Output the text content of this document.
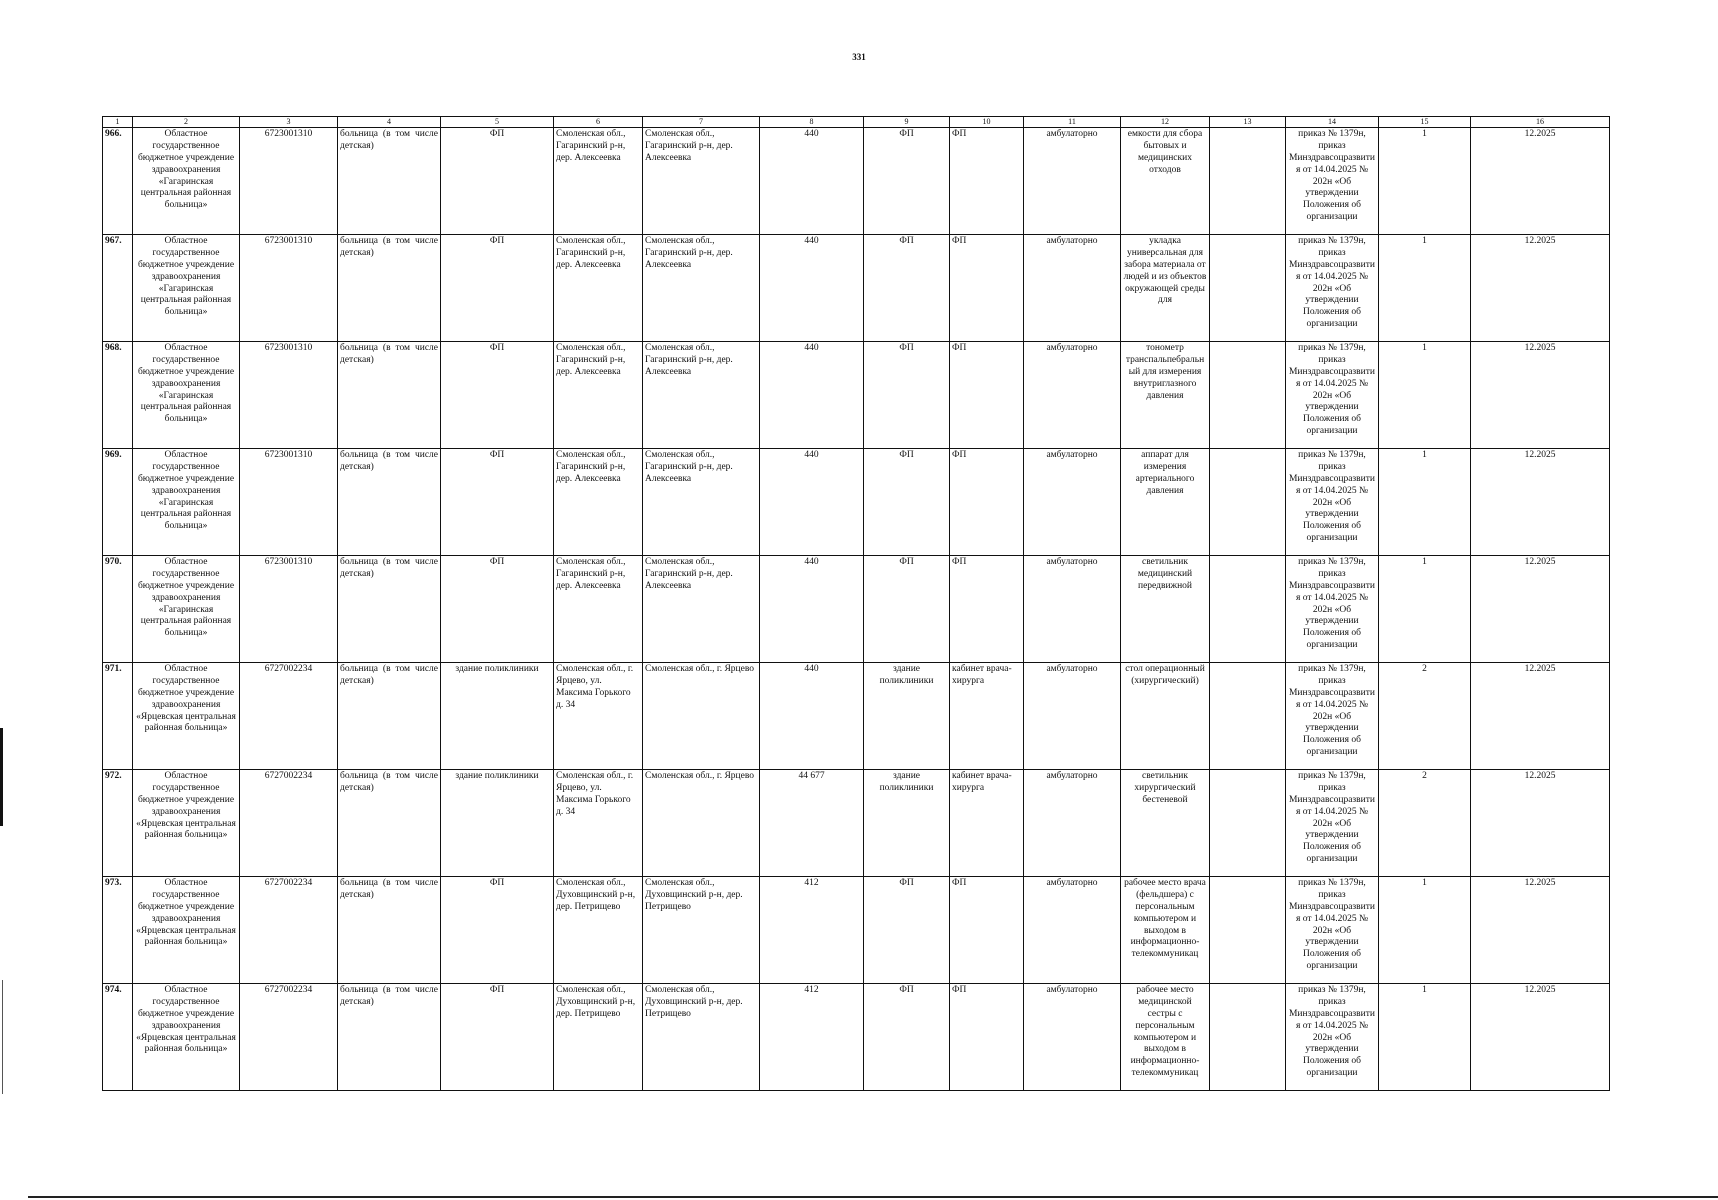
331
1	2	3	4	5	6	7	8	9	10	11	12	13	14	15	16
966.	Областное государственное бюджетное учреждение здравоохранения «Гагаринская центральная районная больница»	6723001310	больница (в том числе детская)	ФП	Смоленская обл., Гагаринский р-н, дер. Алексеевка	Смоленская обл., Гагаринский р-н, дер. Алексеевка	440	ФП	ФП	амбулаторно	емкости для сбора бытовых и медицинских отходов		приказ № 1379н, приказ Минздравсоцразвития от 14.04.2025 № 202н «Об утверждении Положения об организации	1	12.2025
967.	Областное государственное бюджетное учреждение здравоохранения «Гагаринская центральная районная больница»	6723001310	больница (в том числе детская)	ФП	Смоленская обл., Гагаринский р-н, дер. Алексеевка	Смоленская обл., Гагаринский р-н, дер. Алексеевка	440	ФП	ФП	амбулаторно	укладка универсальная для забора материала от людей и из объектов окружающей среды для		приказ № 1379н, приказ Минздравсоцразвития от 14.04.2025 № 202н «Об утверждении Положения об организации	1	12.2025
968.	Областное государственное бюджетное учреждение здравоохранения «Гагаринская центральная районная больница»	6723001310	больница (в том числе детская)	ФП	Смоленская обл., Гагаринский р-н, дер. Алексеевка	Смоленская обл., Гагаринский р-н, дер. Алексеевка	440	ФП	ФП	амбулаторно	тонометр транспальпебральный для измерения внутриглазного давления		приказ № 1379н, приказ Минздравсоцразвития от 14.04.2025 № 202н «Об утверждении Положения об организации	1	12.2025
969.	Областное государственное бюджетное учреждение здравоохранения «Гагаринская центральная районная больница»	6723001310	больница (в том числе детская)	ФП	Смоленская обл., Гагаринский р-н, дер. Алексеевка	Смоленская обл., Гагаринский р-н, дер. Алексеевка	440	ФП	ФП	амбулаторно	аппарат для измерения артериального давления		приказ № 1379н, приказ Минздравсоцразвития от 14.04.2025 № 202н «Об утверждении Положения об организации	1	12.2025
970.	Областное государственное бюджетное учреждение здравоохранения «Гагаринская центральная районная больница»	6723001310	больница (в том числе детская)	ФП	Смоленская обл., Гагаринский р-н, дер. Алексеевка	Смоленская обл., Гагаринский р-н, дер. Алексеевка	440	ФП	ФП	амбулаторно	светильник медицинский передвижной		приказ № 1379н, приказ Минздравсоцразвития от 14.04.2025 № 202н «Об утверждении Положения об организации	1	12.2025
971.	Областное государственное бюджетное учреждение здравоохранения «Ярцевская центральная районная больница»	6727002234	больница (в том числе детская)	здание поликлиники	Смоленская обл., г. Ярцево, ул. Максима Горького д. 34	Смоленская обл., г. Ярцево	440	здание поликлиники	кабинет врача-хирурга	амбулаторно	стол операционный (хирургический)		приказ № 1379н, приказ Минздравсоцразвития от 14.04.2025 № 202н «Об утверждении Положения об организации	2	12.2025
972.	Областное государственное бюджетное учреждение здравоохранения «Ярцевская центральная районная больница»	6727002234	больница (в том числе детская)	здание поликлиники	Смоленская обл., г. Ярцево, ул. Максима Горького д. 34	Смоленская обл., г. Ярцево	44 677	здание поликлиники	кабинет врача-хирурга	амбулаторно	светильник хирургический бестеневой		приказ № 1379н, приказ Минздравсоцразвития от 14.04.2025 № 202н «Об утверждении Положения об организации	2	12.2025
973.	Областное государственное бюджетное учреждение здравоохранения «Ярцевская центральная районная больница»	6727002234	больница (в том числе детская)	ФП	Смоленская обл., Духовщинский р-н, дер. Петрищево	Смоленская обл., Духовщинский р-н, дер. Петрищево	412	ФП	ФП	амбулаторно	рабочее место врача (фельдшера) с персональным компьютером и выходом в информационно-телекоммуникац		приказ № 1379н, приказ Минздравсоцразвития от 14.04.2025 № 202н «Об утверждении Положения об организации	1	12.2025
974.	Областное государственное бюджетное учреждение здравоохранения «Ярцевская центральная районная больница»	6727002234	больница (в том числе детская)	ФП	Смоленская обл., Духовщинский р-н, дер. Петрищево	Смоленская обл., Духовщинский р-н, дер. Петрищево	412	ФП	ФП	амбулаторно	рабочее место медицинской сестры с персональным компьютером и выходом в информационно-телекоммуникац		приказ № 1379н, приказ Минздравсоцразвития от 14.04.2025 № 202н «Об утверждении Положения об организации	1	12.2025
